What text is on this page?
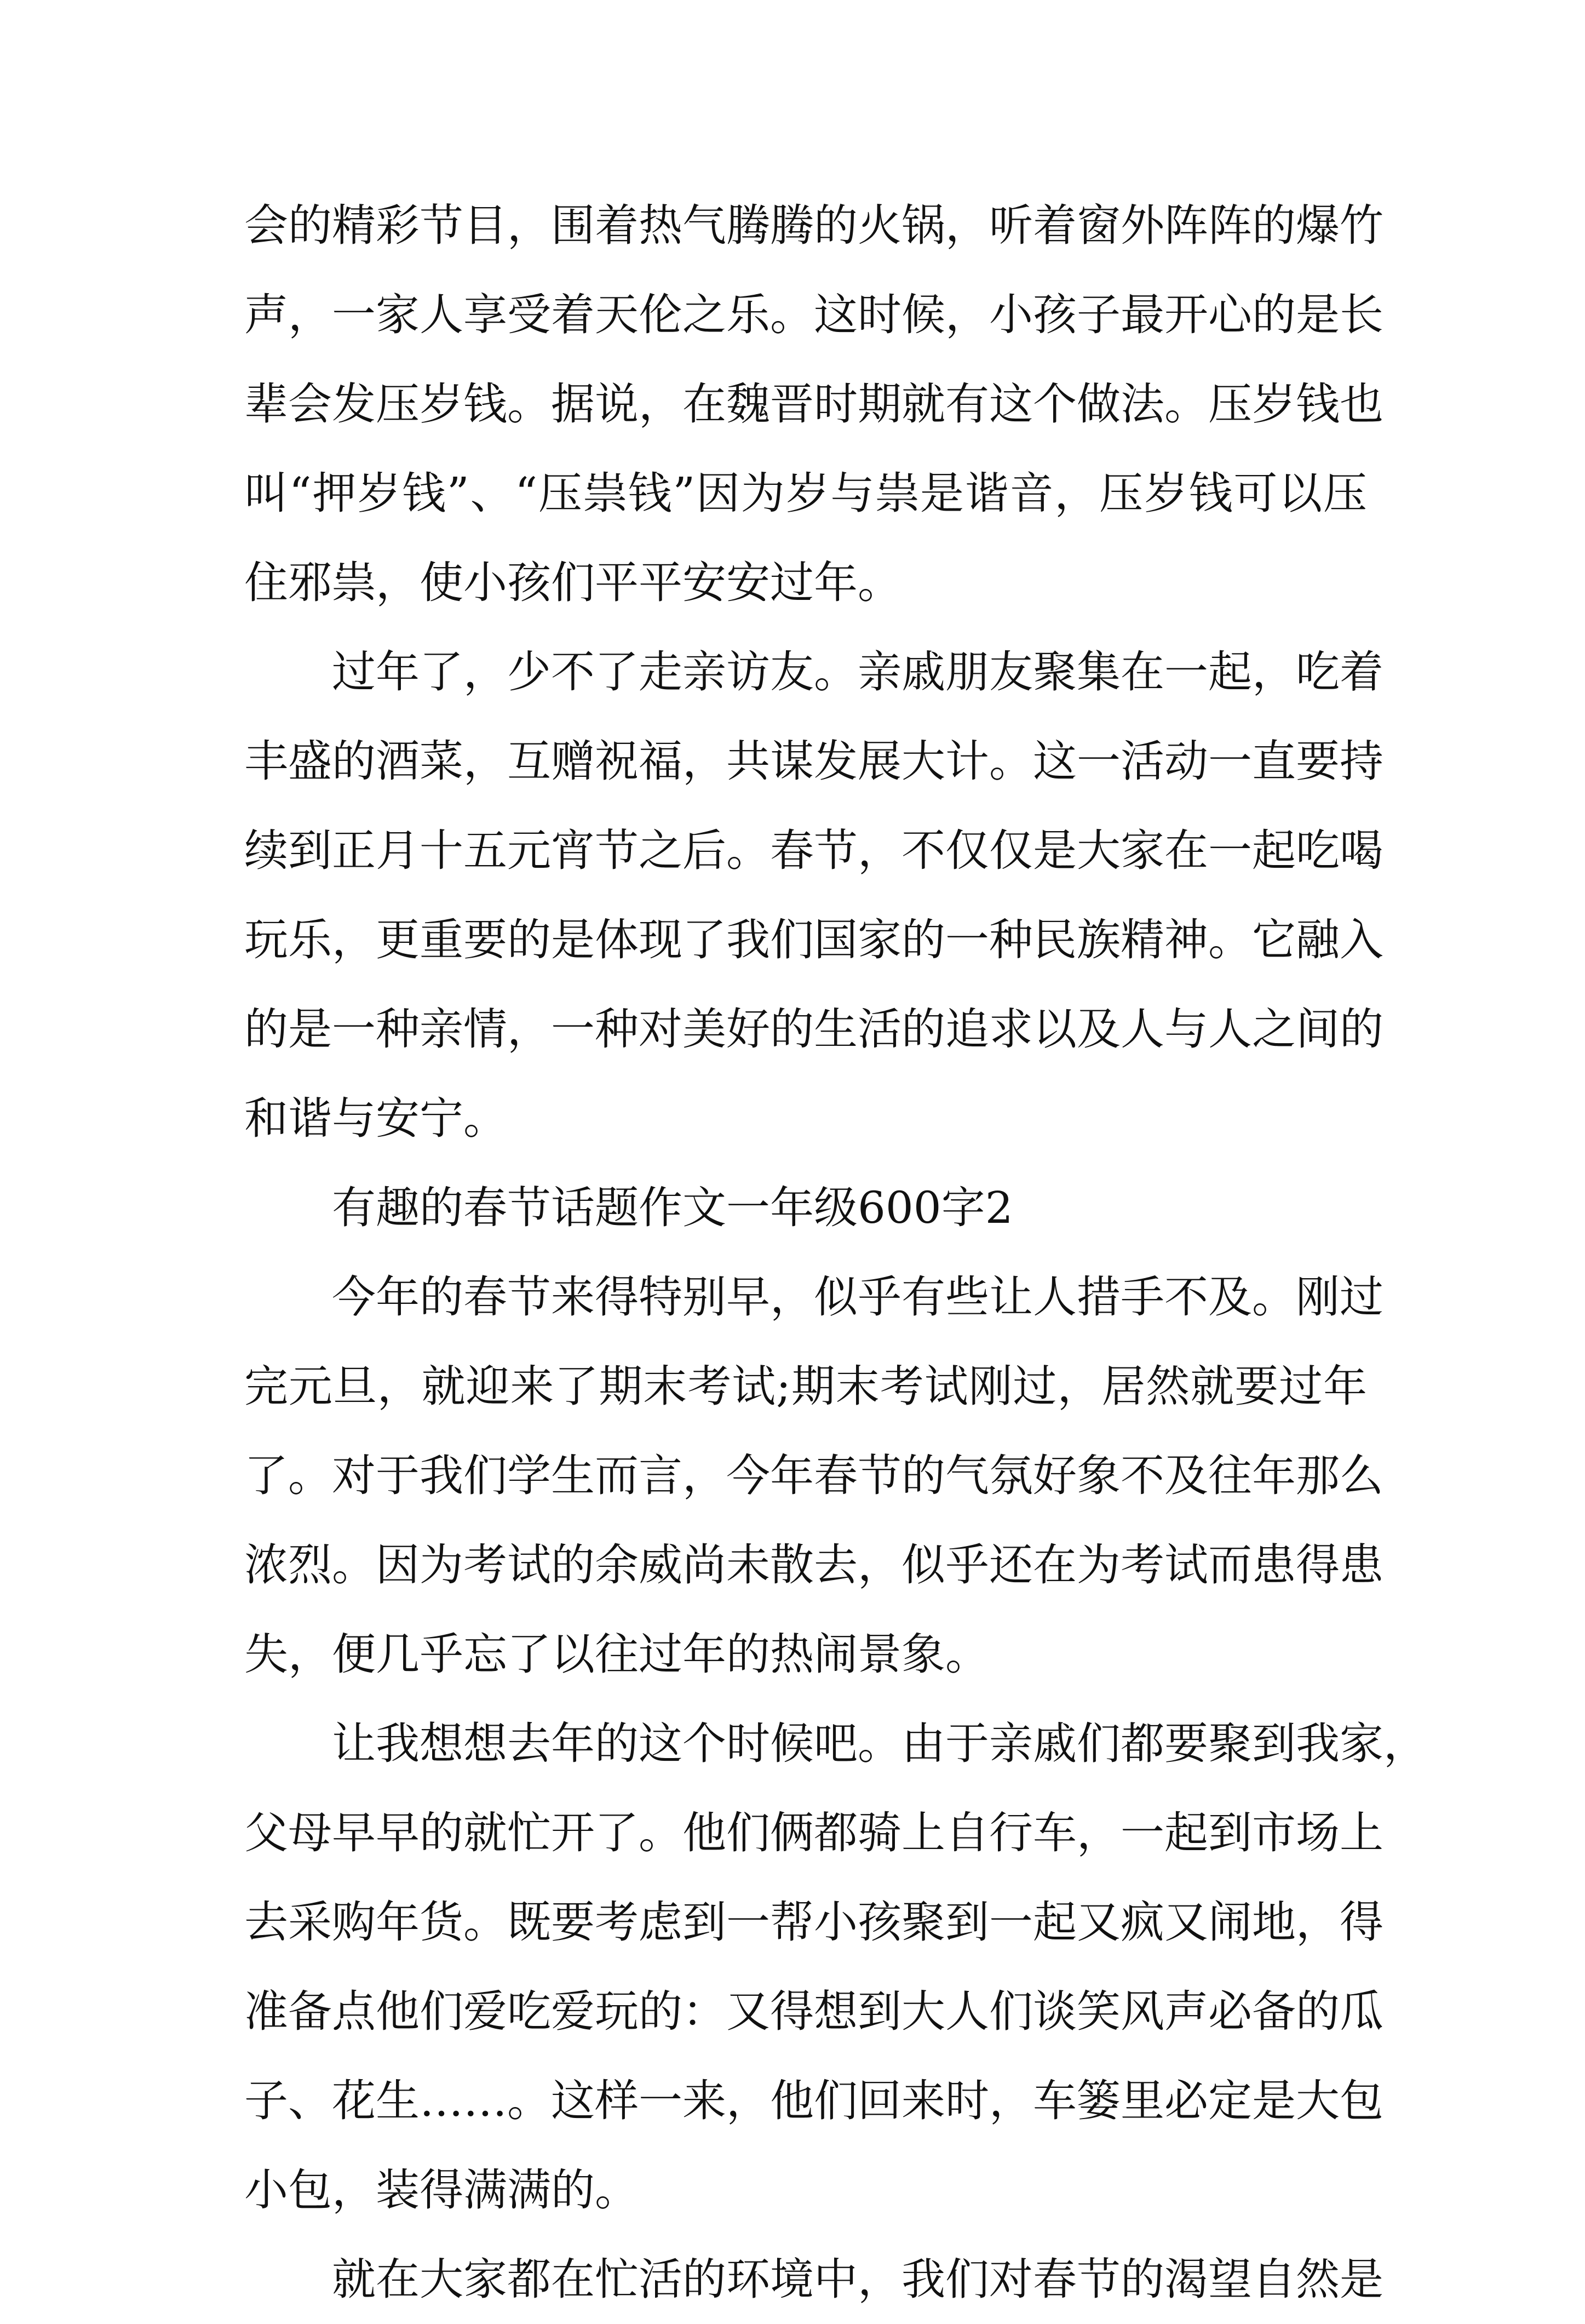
会的精彩节目，围着热气腾腾的火锅，听着窗外阵阵的爆竹
声，一家人享受着天伦之乐。这时候，小孩子最开心的是长
辈会发压岁钱。据说，在魏晋时期就有这个做法。压岁钱也
叫“押岁钱”、“压祟钱”因为岁与祟是谐音，压岁钱可以压
住邪祟，使小孩们平平安安过年。
过年了，少不了走亲访友。亲戚朋友聚集在一起，吃着
丰盛的酒菜，互赠祝福，共谋发展大计。这一活动一直要持
续到正月十五元宵节之后。春节，不仅仅是大家在一起吃喝
玩乐，更重要的是体现了我们国家的一种民族精神。它融入
的是一种亲情，一种对美好的生活的追求以及人与人之间的
和谐与安宁。
有趣的春节话题作文一年级600字2
今年的春节来得特别早，似乎有些让人措手不及。刚过
完元旦，就迎来了期末考试;期末考试刚过，居然就要过年
了。对于我们学生而言，今年春节的气氛好象不及往年那么
浓烈。因为考试的余威尚未散去，似乎还在为考试而患得患
失，便几乎忘了以往过年的热闹景象。
让我想想去年的这个时候吧。由于亲戚们都要聚到我家，
父母早早的就忙开了。他们俩都骑上自行车，一起到市场上
去采购年货。既要考虑到一帮小孩聚到一起又疯又闹地，得
准备点他们爱吃爱玩的：又得想到大人们谈笑风声必备的瓜
子、花生……。这样一来，他们回来时，车篓里必定是大包
小包，装得满满的。
就在大家都在忙活的环境中，我们对春节的渴望自然是
